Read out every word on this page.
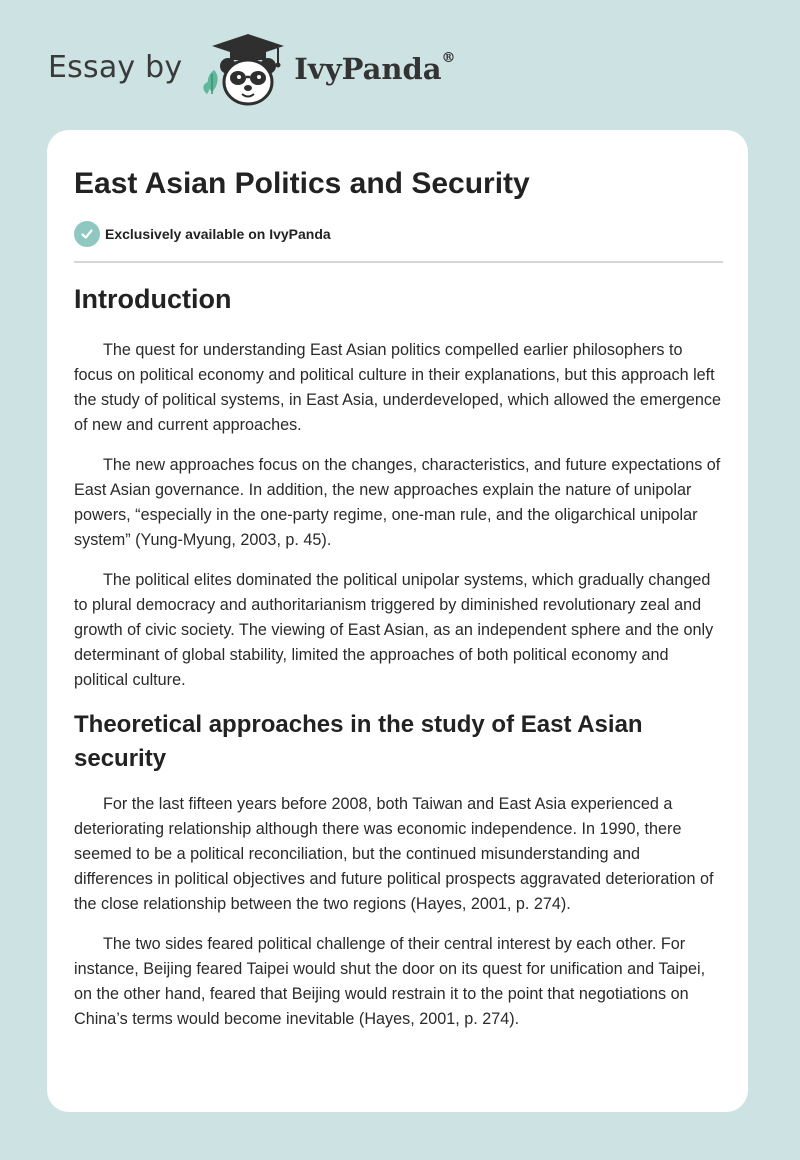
Essay by	IvyPanda®
East Asian Politics and Security
Exclusively available on IvyPanda
Introduction

The quest for understanding East Asian politics compelled earlier philosophers to focus on political economy and political culture in their explanations, but this approach left the study of political systems, in East Asia, underdeveloped, which allowed the emergence of new and current approaches.

The new approaches focus on the changes, characteristics, and future expectations of East Asian governance. In addition, the new approaches explain the nature of unipolar powers, “especially in the one-party regime, one-man rule, and the oligarchical unipolar system” (Yung-Myung, 2003, p. 45).

The political elites dominated the political unipolar systems, which gradually changed to plural democracy and authoritarianism triggered by diminished revolutionary zeal and growth of civic society. The viewing of East Asian, as an independent sphere and the only determinant of global stability, limited the approaches of both political economy and political culture.

Theoretical approaches in the study of East Asian security

For the last fifteen years before 2008, both Taiwan and East Asia experienced a deteriorating relationship although there was economic independence. In 1990, there seemed to be a political reconciliation, but the continued misunderstanding and differences in political objectives and future political prospects aggravated deterioration of the close relationship between the two regions (Hayes, 2001, p. 274).

The two sides feared political challenge of their central interest by each other. For instance, Beijing feared Taipei would shut the door on its quest for unification and Taipei, on the other hand, feared that Beijing would restrain it to the point that negotiations on China’s terms would become inevitable (Hayes, 2001, p. 274).
